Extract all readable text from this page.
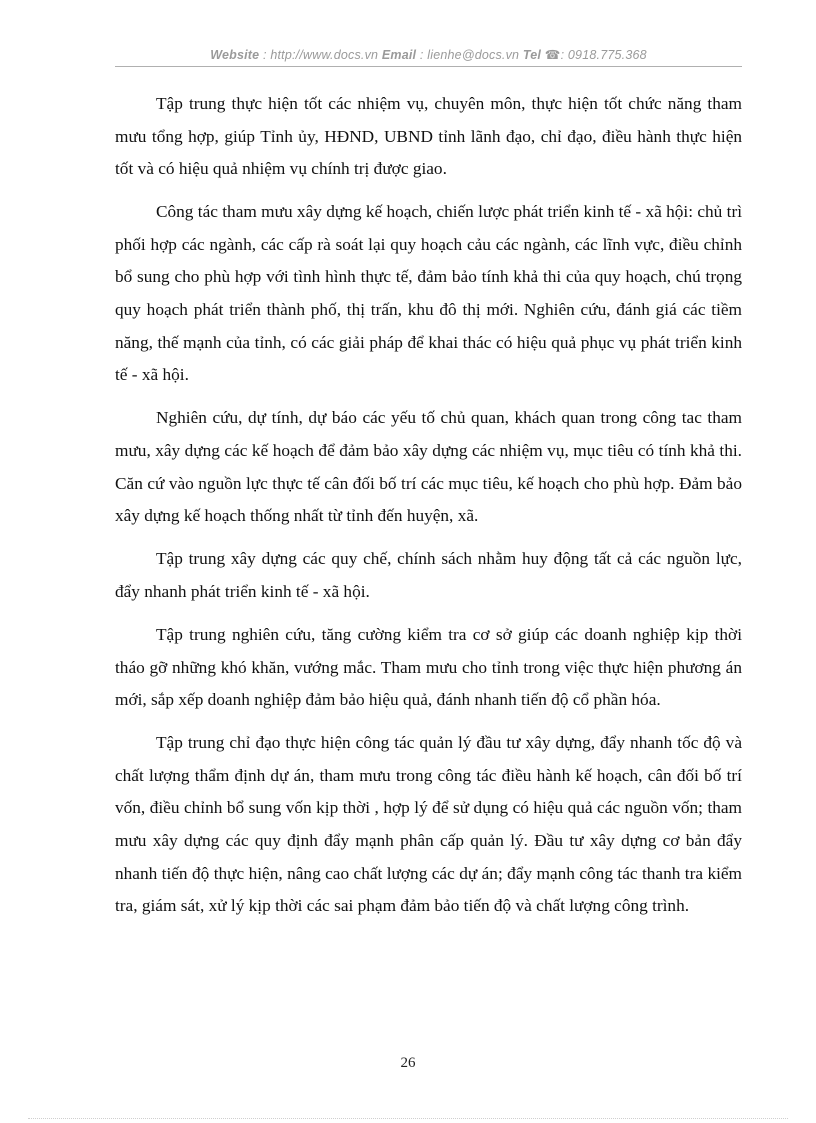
Website : http://www.docs.vn Email : lienhe@docs.vn Tel ☎: 0918.775.368

Tập trung thực hiện tốt các nhiệm vụ, chuyên môn, thực hiện tốt chức năng tham mưu tổng hợp, giúp Tỉnh ủy, HĐND, UBND tỉnh lãnh đạo, chỉ đạo, điều hành thực hiện tốt và có hiệu quả nhiệm vụ chính trị được giao.

Công tác tham mưu xây dựng kế hoạch, chiến lược phát triển kinh tế - xã hội: chủ trì phối hợp các ngành, các cấp rà soát lại quy hoạch cảu các ngành, các lĩnh vực, điều chỉnh bổ sung cho phù hợp với tình hình thực tế, đảm bảo tính khả thi của quy hoạch, chú trọng quy hoạch phát triển thành phố, thị trấn, khu đô thị mới. Nghiên cứu, đánh giá các tiềm năng, thế mạnh của tỉnh, có các giải pháp để khai thác có hiệu quả phục vụ phát triển kinh tế - xã hội.

Nghiên cứu, dự tính, dự báo các yếu tố chủ quan, khách quan trong công tac tham mưu, xây dựng các kế hoạch để đảm bảo xây dựng các nhiệm vụ, mục tiêu có tính khả thi. Căn cứ vào nguồn lực thực tế cân đối bố trí các mục tiêu, kế hoạch cho phù hợp. Đảm bảo xây dựng kế hoạch thống nhất từ tỉnh đến huyện, xã.

Tập trung xây dựng các quy chế, chính sách nhằm huy động tất cả các nguồn lực, đẩy nhanh phát triển kinh tế - xã hội.

Tập trung nghiên cứu, tăng cường kiểm tra cơ sở giúp các doanh nghiệp kịp thời tháo gỡ những khó khăn, vướng mắc. Tham mưu cho tỉnh trong việc thực hiện phương án mới, sắp xếp doanh nghiệp đảm bảo hiệu quả, đánh nhanh tiến độ cổ phần hóa.

Tập trung chỉ đạo thực hiện công tác quản lý đầu tư xây dựng, đẩy nhanh tốc độ và chất lượng thẩm định dự án, tham mưu trong công tác điều hành kế hoạch, cân đối bố trí vốn, điều chỉnh bổ sung vốn kịp thời , hợp lý để sử dụng có hiệu quả các nguồn vốn; tham mưu xây dựng các quy định đẩy mạnh phân cấp quản lý. Đầu tư xây dựng cơ bản đẩy nhanh tiến độ thực hiện, nâng cao chất lượng các dự án; đẩy mạnh công tác thanh tra kiểm tra, giám sát, xử lý kịp thời các sai phạm đảm bảo tiến độ và chất lượng công trình.

26
